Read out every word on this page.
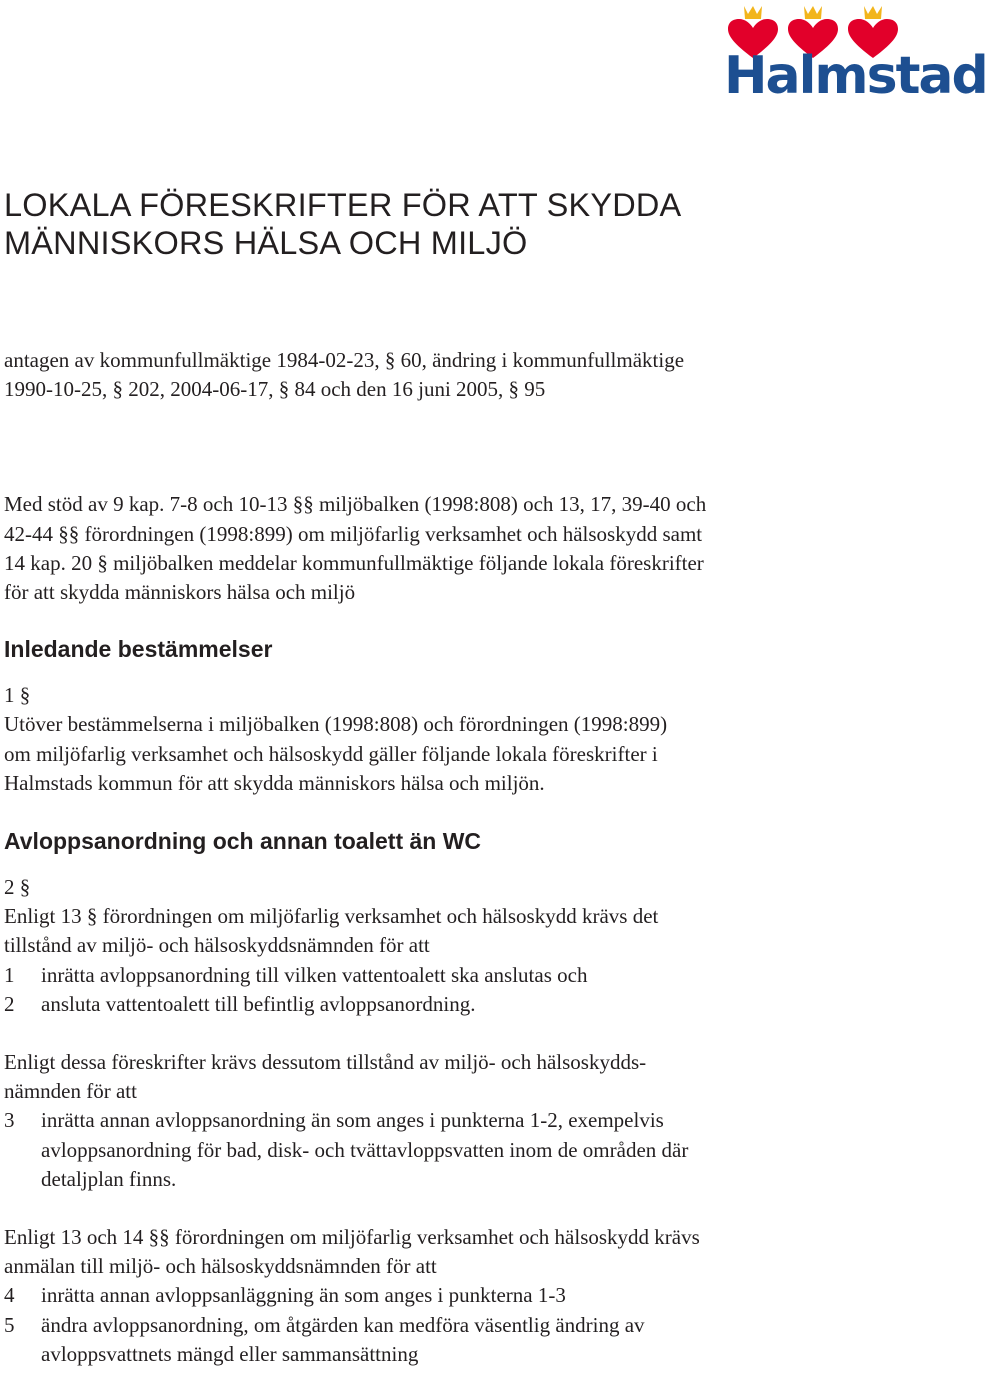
Halmstad
LOKALA FÖRESKRIFTER FÖR ATT SKYDDA
MÄNNISKORS HÄLSA OCH MILJÖ

antagen av kommunfullmäktige 1984-02-23, § 60, ändring i kommunfullmäktige
1990-10-25, § 202, 2004-06-17, § 84 och den 16 juni 2005, § 95

Med stöd av 9 kap. 7-8 och 10-13 §§ miljöbalken (1998:808) och 13, 17, 39-40 och
42-44 §§ förordningen (1998:899) om miljöfarlig verksamhet och hälsoskydd samt
14 kap. 20 § miljöbalken meddelar kommunfullmäktige följande lokala föreskrifter
för att skydda människors hälsa och miljö

Inledande bestämmelser

1 §

Utöver bestämmelserna i miljöbalken (1998:808) och förordningen (1998:899)
om miljöfarlig verksamhet och hälsoskydd gäller följande lokala föreskrifter i
Halmstads kommun för att skydda människors hälsa och miljön.

Avloppsanordning och annan toalett än WC

2 §

Enligt 13 § förordningen om miljöfarlig verksamhet och hälsoskydd krävs det
tillstånd av miljö- och hälsoskyddsnämnden för att

1	inrätta avloppsanordning till vilken vattentoalett ska anslutas och
2	ansluta vattentoalett till befintlig avloppsanordning.

Enligt dessa föreskrifter krävs dessutom tillstånd av miljö- och hälsoskydds-
nämnden för att

3	inrätta annan avloppsanordning än som anges i punkterna 1-2, exempelvis
avloppsanordning för bad, disk- och tvättavloppsvatten inom de områden där
detaljplan finns.

Enligt 13 och 14 §§ förordningen om miljöfarlig verksamhet och hälsoskydd krävs
anmälan till miljö- och hälsoskyddsnämnden för att

4	inrätta annan avloppsanläggning än som anges i punkterna 1-3
5	ändra avloppsanordning, om åtgärden kan medföra väsentlig ändring av
avloppsvattnets mängd eller sammansättning
